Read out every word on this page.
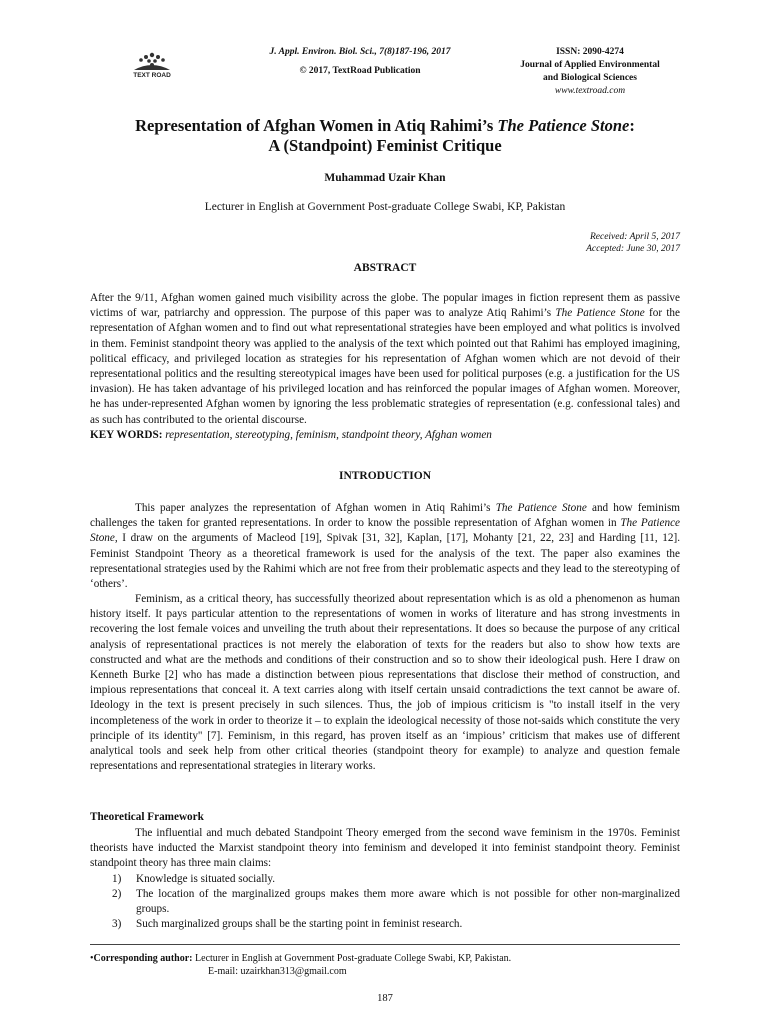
TEXT ROAD
J. Appl. Environ. Biol. Sci., 7(8)187-196, 2017
© 2017, TextRoad Publication
ISSN: 2090-4274
Journal of Applied Environmental
and Biological Sciences
www.textroad.com
Representation of Afghan Women in Atiq Rahimi’s The Patience Stone:
A (Standpoint) Feminist Critique
Muhammad Uzair Khan
Lecturer in English at Government Post-graduate College Swabi, KP, Pakistan
Received: April 5, 2017
Accepted: June 30, 2017
ABSTRACT
After the 9/11, Afghan women gained much visibility across the globe. The popular images in fiction represent them as passive victims of war, patriarchy and oppression. The purpose of this paper was to analyze Atiq Rahimi’s The Patience Stone for the representation of Afghan women and to find out what representational strategies have been employed and what politics is involved in them. Feminist standpoint theory was applied to the analysis of the text which pointed out that Rahimi has employed imagining, political efficacy, and privileged location as strategies for his representation of Afghan women which are not devoid of their representational politics and the resulting stereotypical images have been used for political purposes (e.g. a justification for the US invasion). He has taken advantage of his privileged location and has reinforced the popular images of Afghan women. Moreover, he has under-represented Afghan women by ignoring the less problematic strategies of representation (e.g. confessional tales) and as such has contributed to the oriental discourse.
KEY WORDS: representation, stereotyping, feminism, standpoint theory, Afghan women
INTRODUCTION
This paper analyzes the representation of Afghan women in Atiq Rahimi’s The Patience Stone and how feminism challenges the taken for granted representations. In order to know the possible representation of Afghan women in The Patience Stone, I draw on the arguments of Macleod [19], Spivak [31, 32], Kaplan, [17], Mohanty [21, 22, 23] and Harding [11, 12]. Feminist Standpoint Theory as a theoretical framework is used for the analysis of the text. The paper also examines the representational strategies used by the Rahimi which are not free from their problematic aspects and they lead to the stereotyping of ‘others’.
Feminism, as a critical theory, has successfully theorized about representation which is as old a phenomenon as human history itself. It pays particular attention to the representations of women in works of literature and has strong investments in recovering the lost female voices and unveiling the truth about their representations. It does so because the purpose of any critical analysis of representational practices is not merely the elaboration of texts for the readers but also to show how texts are constructed and what are the methods and conditions of their construction and so to show their ideological push. Here I draw on Kenneth Burke [2] who has made a distinction between pious representations that disclose their method of construction, and impious representations that conceal it. A text carries along with itself certain unsaid contradictions the text cannot be aware of. Ideology in the text is present precisely in such silences. Thus, the job of impious criticism is "to install itself in the very incompleteness of the work in order to theorize it – to explain the ideological necessity of those not-saids which constitute the very principle of its identity" [7]. Feminism, in this regard, has proven itself as an ‘impious’ criticism that makes use of different analytical tools and seek help from other critical theories (standpoint theory for example) to analyze and question female representations and representational strategies in literary works.
Theoretical Framework
The influential and much debated Standpoint Theory emerged from the second wave feminism in the 1970s. Feminist theorists have inducted the Marxist standpoint theory into feminism and developed it into feminist standpoint theory. Feminist standpoint theory has three main claims:
1) Knowledge is situated socially.
2) The location of the marginalized groups makes them more aware which is not possible for other non-marginalized groups.
3) Such marginalized groups shall be the starting point in feminist research.
•Corresponding author: Lecturer in English at Government Post-graduate College Swabi, KP, Pakistan.
E-mail: uzairkhan313@gmail.com
187
